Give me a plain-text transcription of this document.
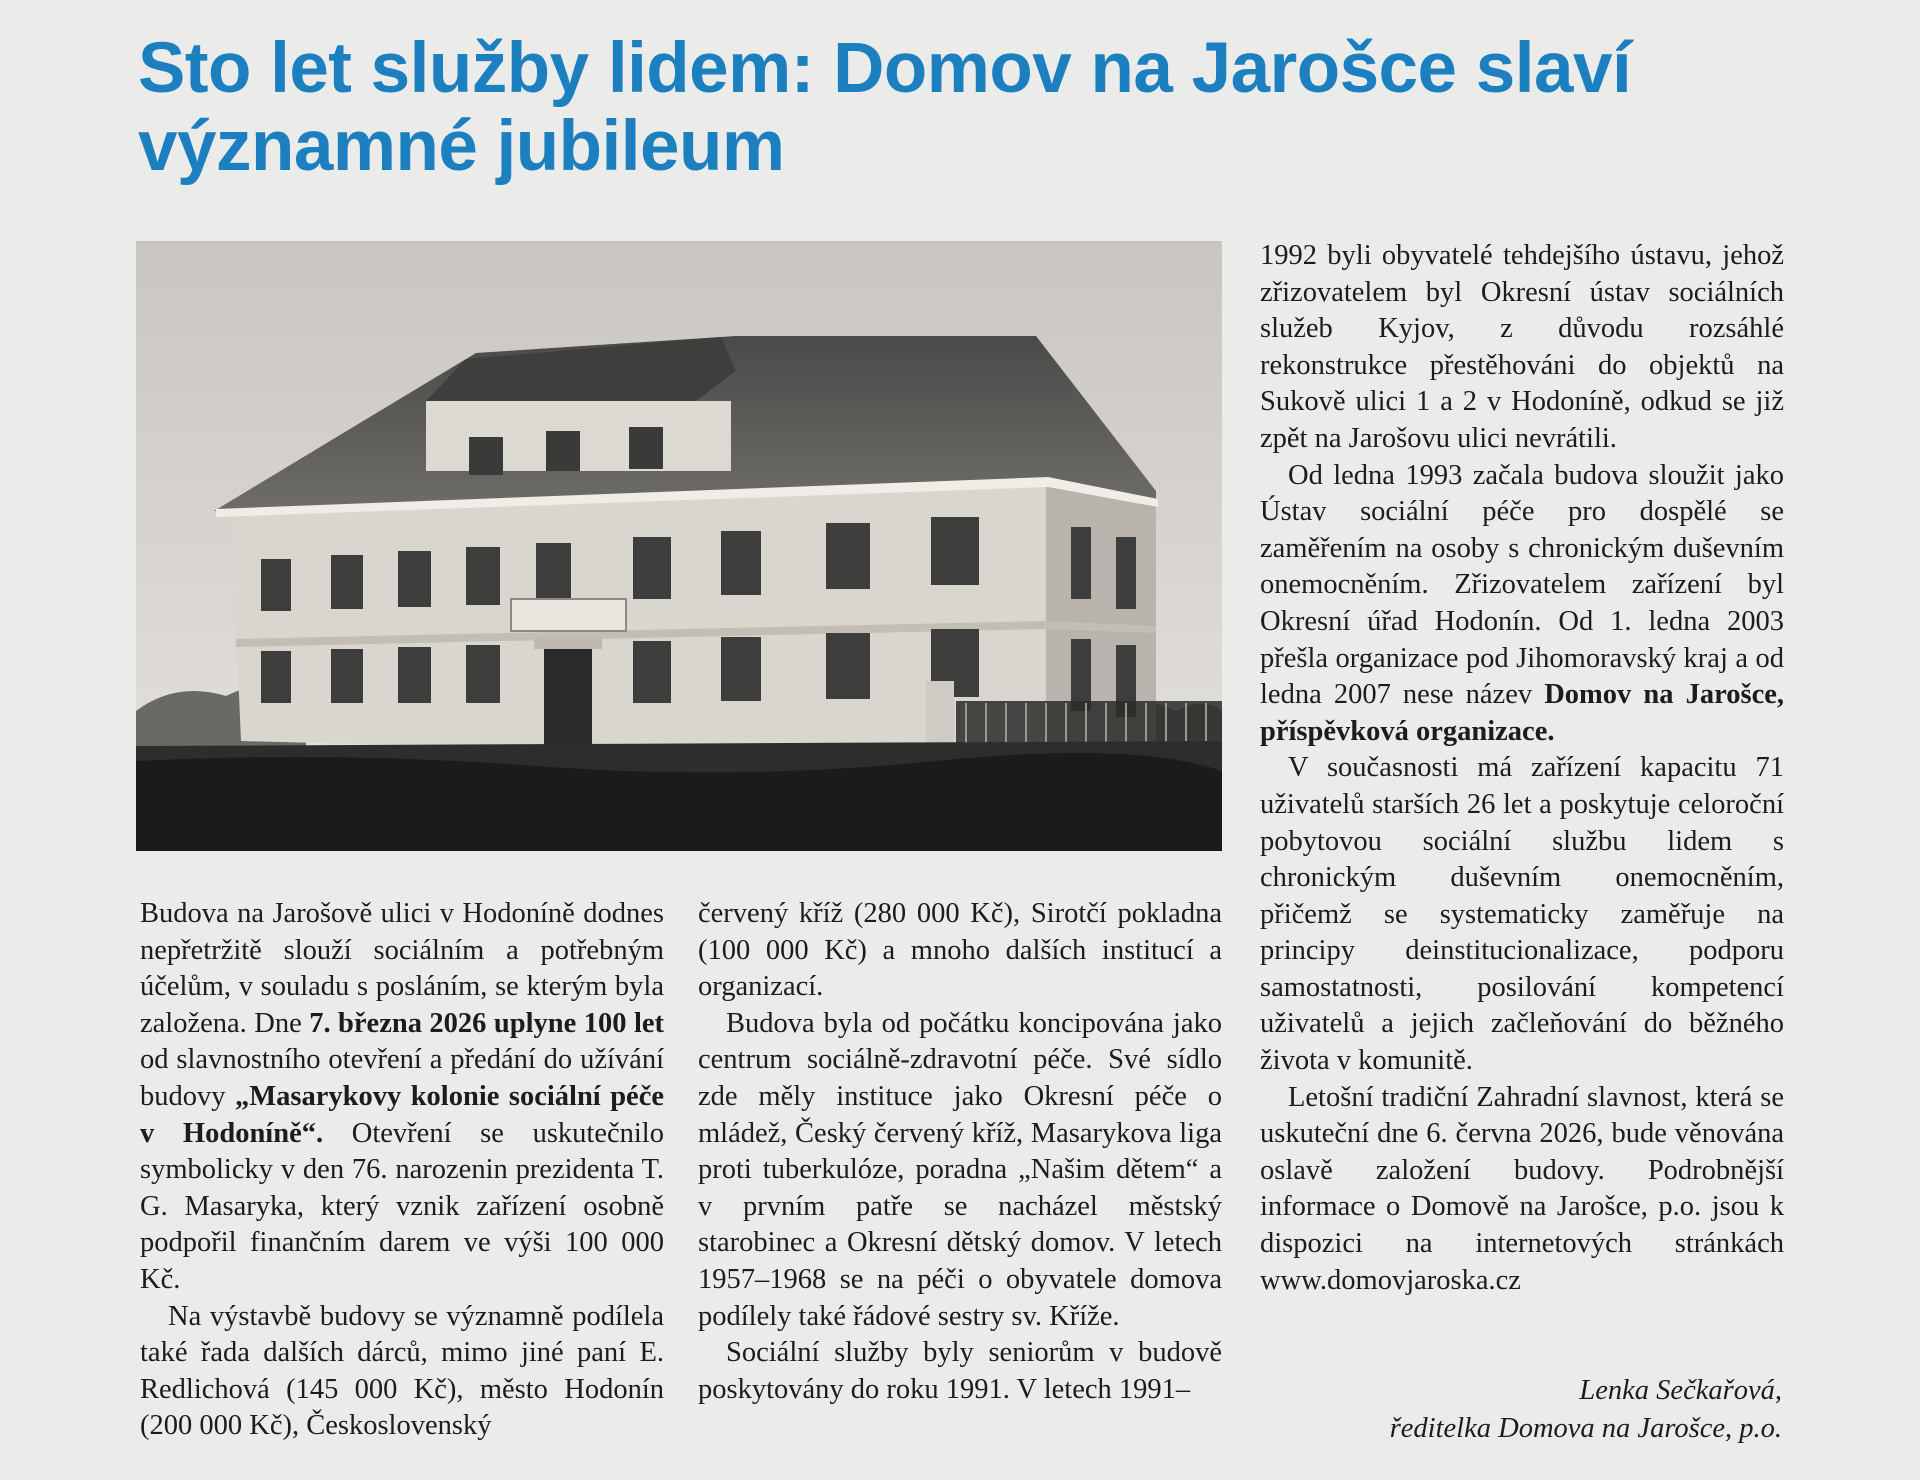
Sto let služby lidem: Domov na Jarošce slaví
významné jubileum

Budova na Jarošově ulici v Hodoníně dodnes nepřetržitě slouží sociálním a potřebným účelům, v souladu s posláním, se kterým byla založena. Dne 7. března 2026 uplyne 100 let od slavnostního otevření a předání do užívání budovy „Masarykovy kolonie sociální péče v Hodoníně“. Otevření se uskutečnilo symbolicky v den 76. narozenin prezidenta T. G. Masaryka, který vznik zařízení osobně podpořil finančním darem ve výši 100 000 Kč.

Na výstavbě budovy se významně podílela také řada dalších dárců, mimo jiné paní E. Redlichová (145 000 Kč), město Hodonín (200 000 Kč), Československý

červený kříž (280 000 Kč), Sirotčí pokladna (100 000 Kč) a mnoho dalších institucí a organizací.

Budova byla od počátku koncipována jako centrum sociálně-zdravotní péče. Své sídlo zde měly instituce jako Okresní péče o mládež, Český červený kříž, Masarykova liga proti tuberkulóze, poradna „Našim dětem“ a v prvním patře se nacházel městský starobinec a Okresní dětský domov. V letech 1957–1968 se na péči o obyvatele domova podílely také řádové sestry sv. Kříže.

Sociální služby byly seniorům v budově poskytovány do roku 1991. V letech 1991–

1992 byli obyvatelé tehdejšího ústavu, jehož zřizovatelem byl Okresní ústav sociálních služeb Kyjov, z důvodu rozsáhlé rekonstrukce přestěhováni do objektů na Sukově ulici 1 a 2 v Hodoníně, odkud se již zpět na Jarošovu ulici nevrátili.

Od ledna 1993 začala budova sloužit jako Ústav sociální péče pro dospělé se zaměřením na osoby s chronickým duševním onemocněním. Zřizovatelem zařízení byl Okresní úřad Hodonín. Od 1. ledna 2003 přešla organizace pod Jihomoravský kraj a od ledna 2007 nese název Domov na Jarošce, příspěvková organizace.

V současnosti má zařízení kapacitu 71 uživatelů starších 26 let a poskytuje celoroční pobytovou sociální službu lidem s chronickým duševním onemocněním, přičemž se systematicky zaměřuje na principy deinstitucionalizace, podporu samostatnosti, posilování kompetencí uživatelů a jejich začleňování do běžného života v komunitě.

Letošní tradiční Zahradní slavnost, která se uskuteční dne 6. června 2026, bude věnována oslavě založení budovy. Podrobnější informace o Domově na Jarošce, p.o. jsou k dispozici na internetových stránkách www.domovjaroska.cz

Lenka Sečkařová,
ředitelka Domova na Jarošce, p.o.
